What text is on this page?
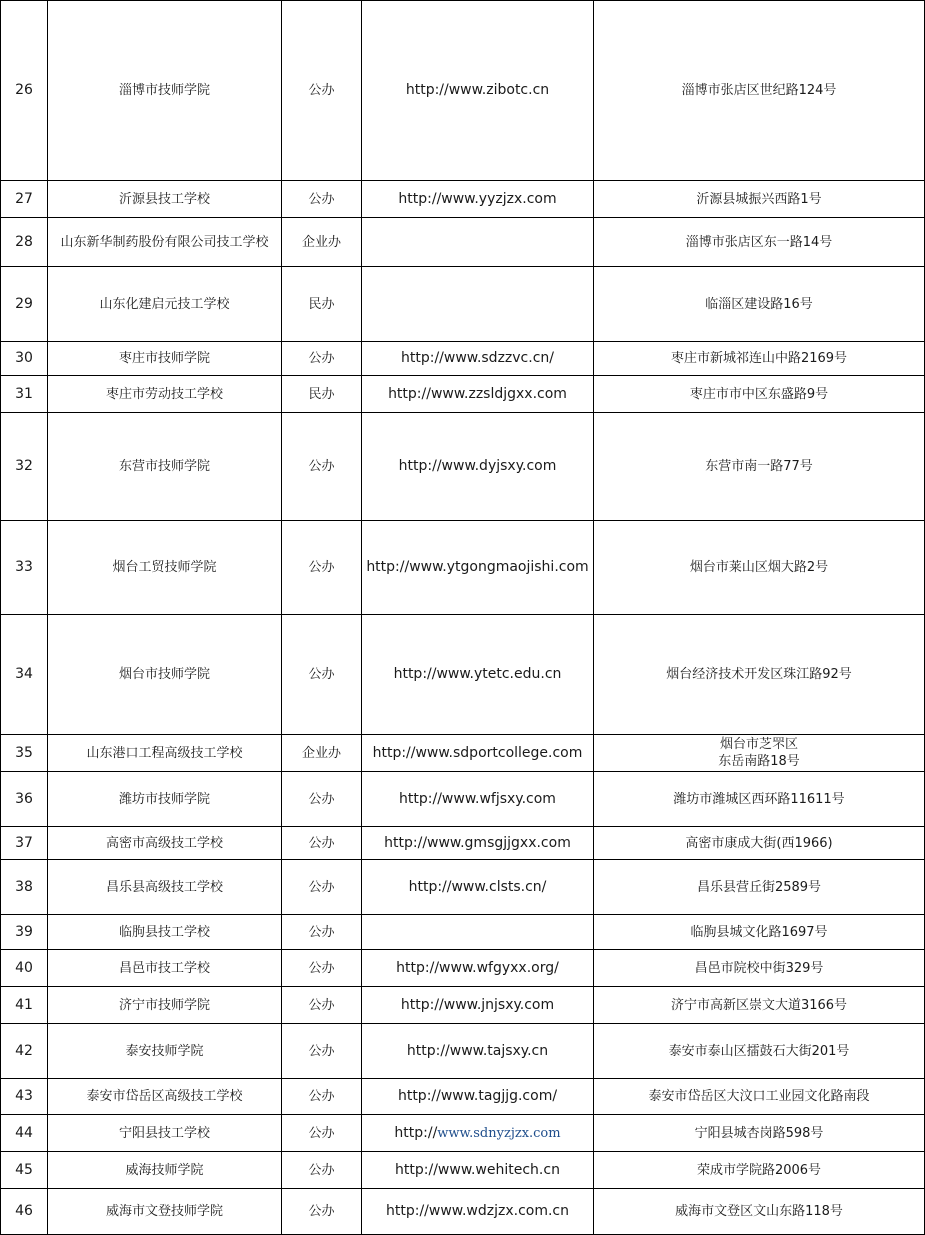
26	淄博市技师学院	公办	http://www.zibotc.cn	淄博市张店区世纪路124号

27	沂源县技工学校	公办	http://www.yyzjzx.com	沂源县城振兴西路1号

28	山东新华制药股份有限公司技工学校	企业办		淄博市张店区东一路14号

29	山东化建启元技工学校	民办		临淄区建设路16号

30	枣庄市技师学院	公办	http://www.sdzzvc.cn/	枣庄市新城祁连山中路2169号

31	枣庄市劳动技工学校	民办	http://www.zzsldjgxx.com	枣庄市市中区东盛路9号

32	东营市技师学院	公办	http://www.dyjsxy.com	东营市南一路77号

33	烟台工贸技师学院	公办	http://www.ytgongmaojishi.com	烟台市莱山区烟大路2号

34	烟台市技师学院	公办	http://www.ytetc.edu.cn	烟台经济技术开发区珠江路92号

35	山东港口工程高级技工学校	企业办	http://www.sdportcollege.com	烟台市芝罘区
东岳南路18号

36	潍坊市技师学院	公办	http://www.wfjsxy.com	潍坊市潍城区西环路11611号

37	高密市高级技工学校	公办	http://www.gmsgjjgxx.com	高密市康成大街(西1966)

38	昌乐县高级技工学校	公办	http://www.clsts.cn/	昌乐县营丘街2589号

39	临朐县技工学校	公办		临朐县城文化路1697号

40	昌邑市技工学校	公办	http://www.wfgyxx.org/	昌邑市院校中街329号

41	济宁市技师学院	公办	http://www.jnjsxy.com	济宁市高新区崇文大道3166号

42	泰安技师学院	公办	http://www.tajsxy.cn	泰安市泰山区擂鼓石大街201号

43	泰安市岱岳区高级技工学校	公办	http://www.tagjjg.com/	泰安市岱岳区大汶口工业园文化路南段

44	宁阳县技工学校	公办	http://www.sdnyzjzx.com	宁阳县城杏岗路598号

45	威海技师学院	公办	http://www.wehitech.cn	荣成市学院路2006号

46	威海市文登技师学院	公办	http://www.wdzjzx.com.cn	威海市文登区文山东路118号
